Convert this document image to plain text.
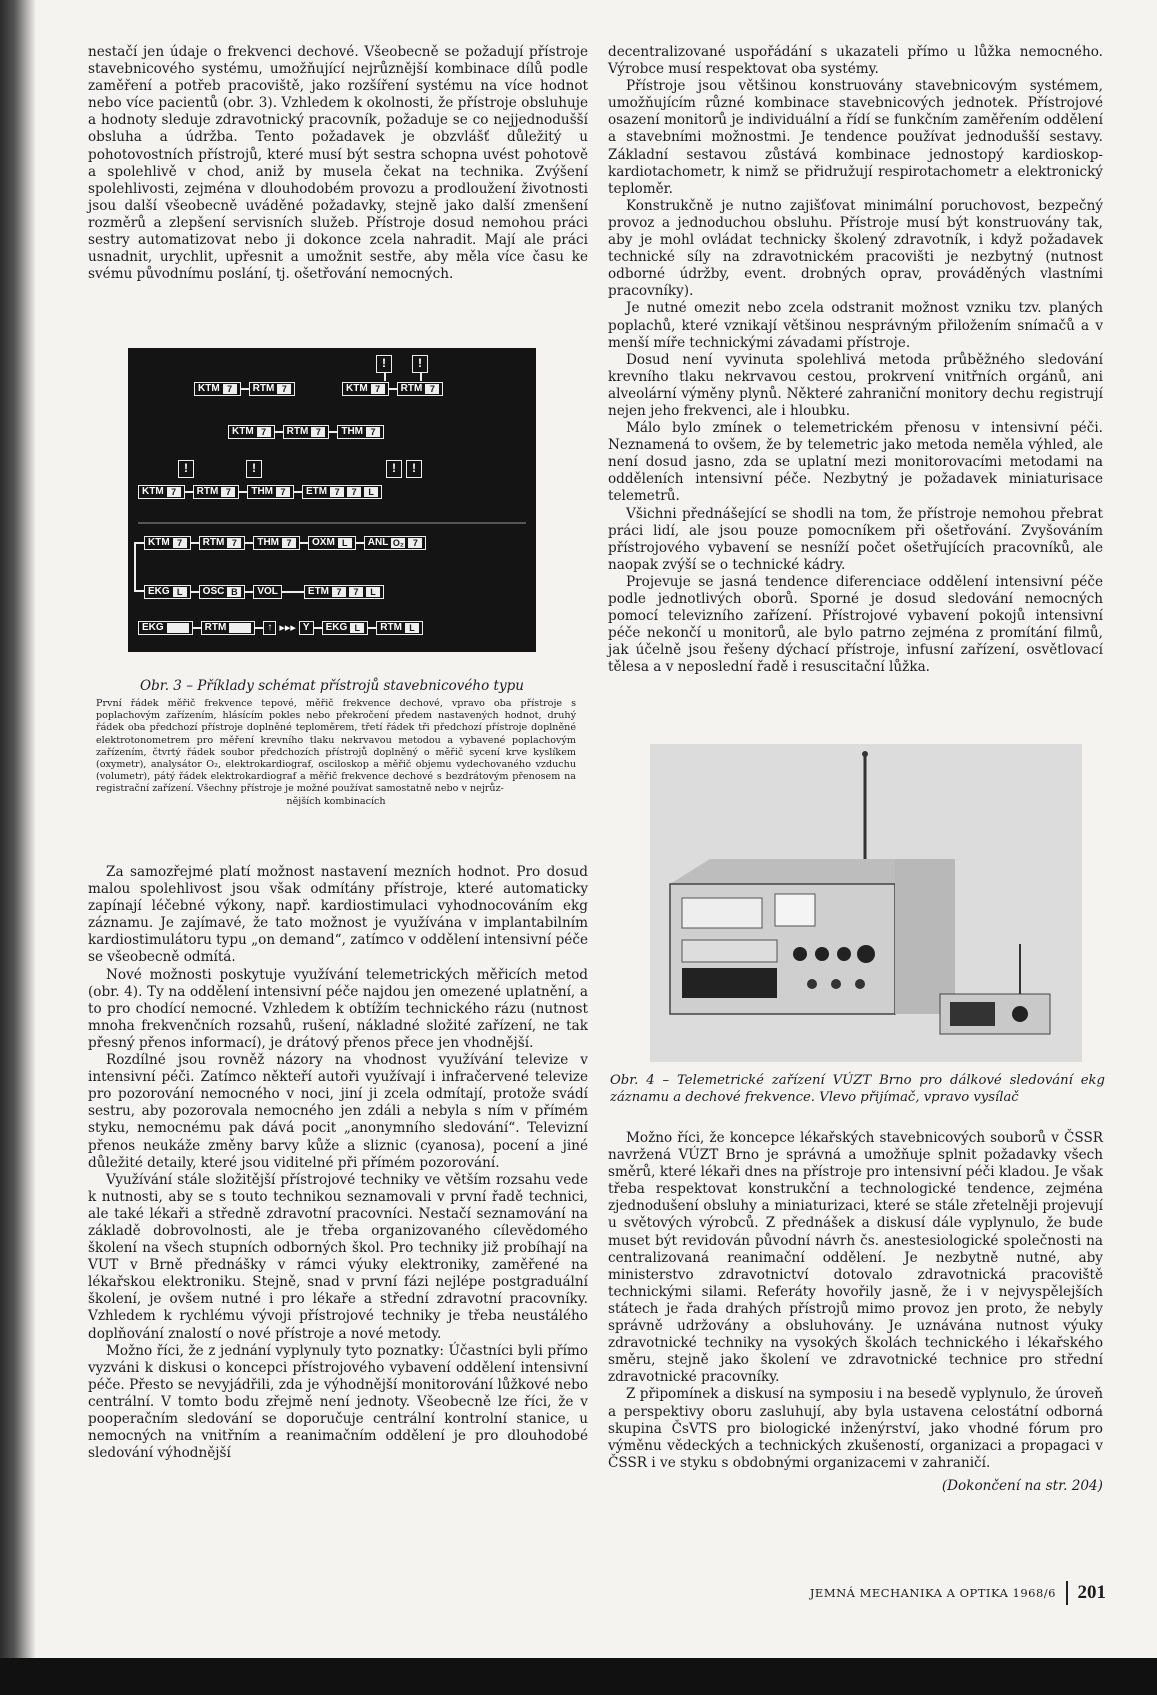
nestačí jen údaje o frekvenci dechové. Všeobecně se požadují přístroje stavebnicového systému, umožňující nejrůznější kombinace dílů podle zaměření a potřeb pracoviště, jako rozšíření systému na více hodnot nebo více pacientů (obr. 3). Vzhledem k okolnosti, že přístroje obsluhuje a hodnoty sleduje zdravotnický pracovník, požaduje se co nejjednodušší obsluha a údržba. Tento požadavek je obzvlášť důležitý u pohotovostních přístrojů, které musí být sestra schopna uvést pohotově a spolehlivě v chod, aniž by musela čekat na technika. Zvýšení spolehlivosti, zejména v dlouhodobém provozu a prodloužení životnosti jsou další všeobecně uváděné požadavky, stejně jako další zmenšení rozměrů a zlepšení servisních služeb. Přístroje dosud nemohou práci sestry automatizovat nebo ji dokonce zcela nahradit. Mají ale práci usnadnit, urychlit, upřesnit a umožnit sestře, aby měla více času ke svému původnímu poslání, tj. ošetřování nemocných.

!	!
KTM 7	RTM 7	KTM 7	RTM 7
KTM 7	RTM 7	THM 7
!	!	!	!
KTM 7	RTM 7	THM 7	ETM 7	7	L
KTM 7	RTM 7	THM 7	OXM L	ANL O₂ 7
EKG L	OSC B	VOL	ETM 7	7	L
EKG
	RTM
	↑ ▸▸▸ Y EKG L	RTM L
Obr. 3 – Příklady schémat přístrojů stavebnicového typu
První řádek měřič frekvence tepové, měřič frekvence dechové, vpravo oba přístroje s poplachovým zařízením, hlásícím pokles nebo překročení předem nastavených hodnot, druhý řádek oba předchozí přístroje doplněné teploměrem, třetí řádek tři předchozí přístroje doplněné elektrotonometrem pro měření krevního tlaku nekrvavou metodou a vybavené poplachovým zařízením, čtvrtý řádek soubor předchozích přístrojů doplněný o měřič sycení krve kyslíkem (oxymetr), analysátor O₂, elektrokardiograf, osciloskop a měřič objemu vydechovaného vzduchu (volumetr), pátý řádek elektrokardiograf a měřič frekvence dechové s bezdrátovým přenosem na registrační zařízení. Všechny přístroje je možné používat samostatně nebo v nejrůz-
nějších kombinacích

Za samozřejmé platí možnost nastavení mezních hodnot. Pro dosud malou spolehlivost jsou však odmítány přístroje, které automaticky zapínají léčebné výkony, např. kardiostimulaci vyhodnocováním ekg záznamu. Je zajímavé, že tato možnost je využívána v implantabilním kardiostimulátoru typu „on demand“, zatímco v oddělení intensivní péče se všeobecně odmítá.

Nové možnosti poskytuje využívání telemetrických měřicích metod (obr. 4). Ty na oddělení intensivní péče najdou jen omezené uplatnění, a to pro chodící nemocné. Vzhledem k obtížím technického rázu (nutnost mnoha frekvenčních rozsahů, rušení, nákladné složité zařízení, ne tak přesný přenos informací), je drátový přenos přece jen vhodnější.

Rozdílné jsou rovněž názory na vhodnost využívání televize v intensivní péči. Zatímco někteří autoři využívají i infračervené televize pro pozorování nemocného v noci, jiní ji zcela odmítají, protože svádí sestru, aby pozorovala nemocného jen zdáli a nebyla s ním v přímém styku, nemocnému pak dává pocit „anonymního sledování“. Televizní přenos neukáže změny barvy kůže a sliznic (cyanosa), pocení a jiné důležité detaily, které jsou viditelné při přímém pozorování.

Využívání stále složitější přístrojové techniky ve větším rozsahu vede k nutnosti, aby se s touto technikou seznamovali v první řadě technici, ale také lékaři a středně zdravotní pracovníci. Nestačí seznamování na základě dobrovolnosti, ale je třeba organizovaného cílevědomého školení na všech stupních odborných škol. Pro techniky již probíhají na VUT v Brně přednášky v rámci výuky elektroniky, zaměřené na lékařskou elektroniku. Stejně, snad v první fázi nejlépe postgraduální školení, je ovšem nutné i pro lékaře a střední zdravotní pracovníky. Vzhledem k rychlému vývoji přístrojové techniky je třeba neustálého doplňování znalostí o nové přístroje a nové metody.

Možno říci, že z jednání vyplynuly tyto poznatky: Účastníci byli přímo vyzváni k diskusi o koncepci přístrojového vybavení oddělení intensivní péče. Přesto se nevyjádřili, zda je výhodnější monitorování lůžkové nebo centrální. V tomto bodu zřejmě není jednoty. Všeobecně lze říci, že v pooperačním sledování se doporučuje centrální kontrolní stanice, u nemocných na vnitřním a reanimačním oddělení je pro dlouhodobé sledování výhodnější

decentralizované uspořádání s ukazateli přímo u lůžka nemocného. Výrobce musí respektovat oba systémy.

Přístroje jsou většinou konstruovány stavebnicovým systémem, umožňujícím různé kombinace stavebnicových jednotek. Přístrojové osazení monitorů je individuální a řídí se funkčním zaměřením oddělení a stavebními možnostmi. Je tendence používat jednodušší sestavy. Základní sestavou zůstává kombinace jednostopý kardioskop-kardiotachometr, k nimž se přidružují respirotachometr a elektronický teploměr.

Konstrukčně je nutno zajišťovat minimální poruchovost, bezpečný provoz a jednoduchou obsluhu. Přístroje musí být konstruovány tak, aby je mohl ovládat technicky školený zdravotník, i když požadavek technické síly na zdravotnickém pracovišti je nezbytný (nutnost odborné údržby, event. drobných oprav, prováděných vlastními pracovníky).

Je nutné omezit nebo zcela odstranit možnost vzniku tzv. planých poplachů, které vznikají většinou nesprávným přiložením snímačů a v menší míře technickými závadami přístroje.

Dosud není vyvinuta spolehlivá metoda průběžného sledování krevního tlaku nekrvavou cestou, prokrvení vnitřních orgánů, ani alveolární výměny plynů. Některé zahraniční monitory dechu registrují nejen jeho frekvenci, ale i hloubku.

Málo bylo zmínek o telemetrickém přenosu v intensivní péči. Neznamená to ovšem, že by telemetric jako metoda neměla výhled, ale není dosud jasno, zda se uplatní mezi monitorovacími metodami na odděleních intensivní péče. Nezbytný je požadavek miniaturisace telemetrů.

Všichni přednášející se shodli na tom, že přístroje nemohou přebrat práci lidí, ale jsou pouze pomocníkem při ošetřování. Zvyšováním přístrojového vybavení se nesníží počet ošetřujících pracovníků, ale naopak zvýší se o technické kádry.

Projevuje se jasná tendence diferenciace oddělení intensivní péče podle jednotlivých oborů. Sporné je dosud sledování nemocných pomocí televizního zařízení. Přístrojové vybavení pokojů intensivní péče nekončí u monitorů, ale bylo patrno zejména z promítání filmů, jak účelně jsou řešeny dýchací přístroje, infusní zařízení, osvětlovací tělesa a v neposlední řadě i resuscitační lůžka.

Obr. 4 – Telemetrické zařízení VÚZT Brno pro dálkové sledování ekg záznamu a dechové frekvence. Vlevo přijímač, vpravo vysílač

Možno říci, že koncepce lékařských stavebnicových souborů v ČSSR navržená VÚZT Brno je správná a umožňuje splnit požadavky všech směrů, které lékaři dnes na přístroje pro intensivní péči kladou. Je však třeba respektovat konstrukční a technologické tendence, zejména zjednodušení obsluhy a miniaturizaci, které se stále zřetelněji projevují u světových výrobců. Z přednášek a diskusí dále vyplynulo, že bude muset být revidován původní návrh čs. anestesiologické společnosti na centralizovaná reanimační oddělení. Je nezbytně nutné, aby ministerstvo zdravotnictví dotovalo zdravotnická pracoviště technickými silami. Referáty hovořily jasně, že i v nejvyspělejších státech je řada drahých přístrojů mimo provoz jen proto, že nebyly správně udržovány a obsluhovány. Je uznávána nutnost výuky zdravotnické techniky na vysokých školách technického i lékařského směru, stejně jako školení ve zdravotnické technice pro střední zdravotnické pracovníky.

Z připomínek a diskusí na symposiu i na besedě vyplynulo, že úroveň a perspektivy oboru zasluhují, aby byla ustavena celostátní odborná skupina ČsVTS pro biologické inženýrství, jako vhodné fórum pro výměnu vědeckých a technických zkušeností, organizaci a propagaci v ČSSR i ve styku s obdobnými organizacemi v zahraničí.

(Dokončení na str. 204)

JEMNÁ MECHANIKA A OPTIKA 1968/6 201
